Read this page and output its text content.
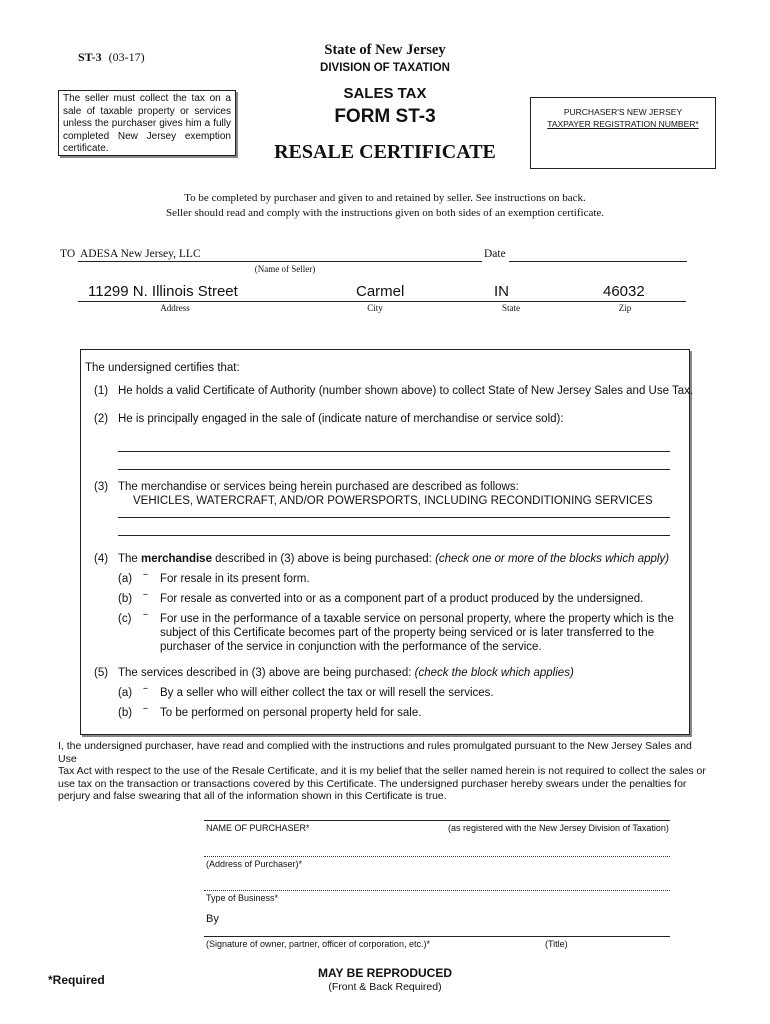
ST-3 (03-17)	State of New Jersey
DIVISION OF TAXATION
SALES TAX
FORM ST-3
RESALE CERTIFICATE
The seller must collect the tax on a sale of taxable property or services unless the purchaser gives him a fully completed New Jersey exemption certificate.
PURCHASER'S NEW JERSEY
TAXPAYER REGISTRATION NUMBER*
To be completed by purchaser and given to and retained by seller. See instructions on back.
Seller should read and comply with the instructions given on both sides of an exemption certificate.
TO ADESA New Jersey, LLC	Date
(Name of Seller)
11299 N. Illinois Street	Carmel	IN	46032
Address	City	State	Zip
The undersigned certifies that:
(1) He holds a valid Certificate of Authority (number shown above) to collect State of New Jersey Sales and Use Tax.
(2) He is principally engaged in the sale of (indicate nature of merchandise or service sold):
(3) The merchandise or services being herein purchased are described as follows:
VEHICLES, WATERCRAFT, AND/OR POWERSPORTS, INCLUDING RECONDITIONING SERVICES
(4) The merchandise described in (3) above is being purchased: (check one or more of the blocks which apply)
(a) -- For resale in its present form.
(b) -- For resale as converted into or as a component part of a product produced by the undersigned.
(c) -- For use in the performance of a taxable service on personal property, where the property which is the
subject of this Certificate becomes part of the property being serviced or is later transferred to the
purchaser of the service in conjunction with the performance of the service.
(5) The services described in (3) above are being purchased: (check the block which applies)
(a) -- By a seller who will either collect the tax or will resell the services.
(b) -- To be performed on personal property held for sale.
I, the undersigned purchaser, have read and complied with the instructions and rules promulgated pursuant to the New Jersey Sales and Use
Tax Act with respect to the use of the Resale Certificate, and it is my belief that the seller named herein is not required to collect the sales or
use tax on the transaction or transactions covered by this Certificate. The undersigned purchaser hereby swears under the penalties for
perjury and false swearing that all of the information shown in this Certificate is true.
NAME OF PURCHASER*	(as registered with the New Jersey Division of Taxation)
(Address of Purchaser)*
Type of Business*
By
(Signature of owner, partner, officer of corporation, etc.)*	(Title)
*Required	MAY BE REPRODUCED
(Front & Back Required)
